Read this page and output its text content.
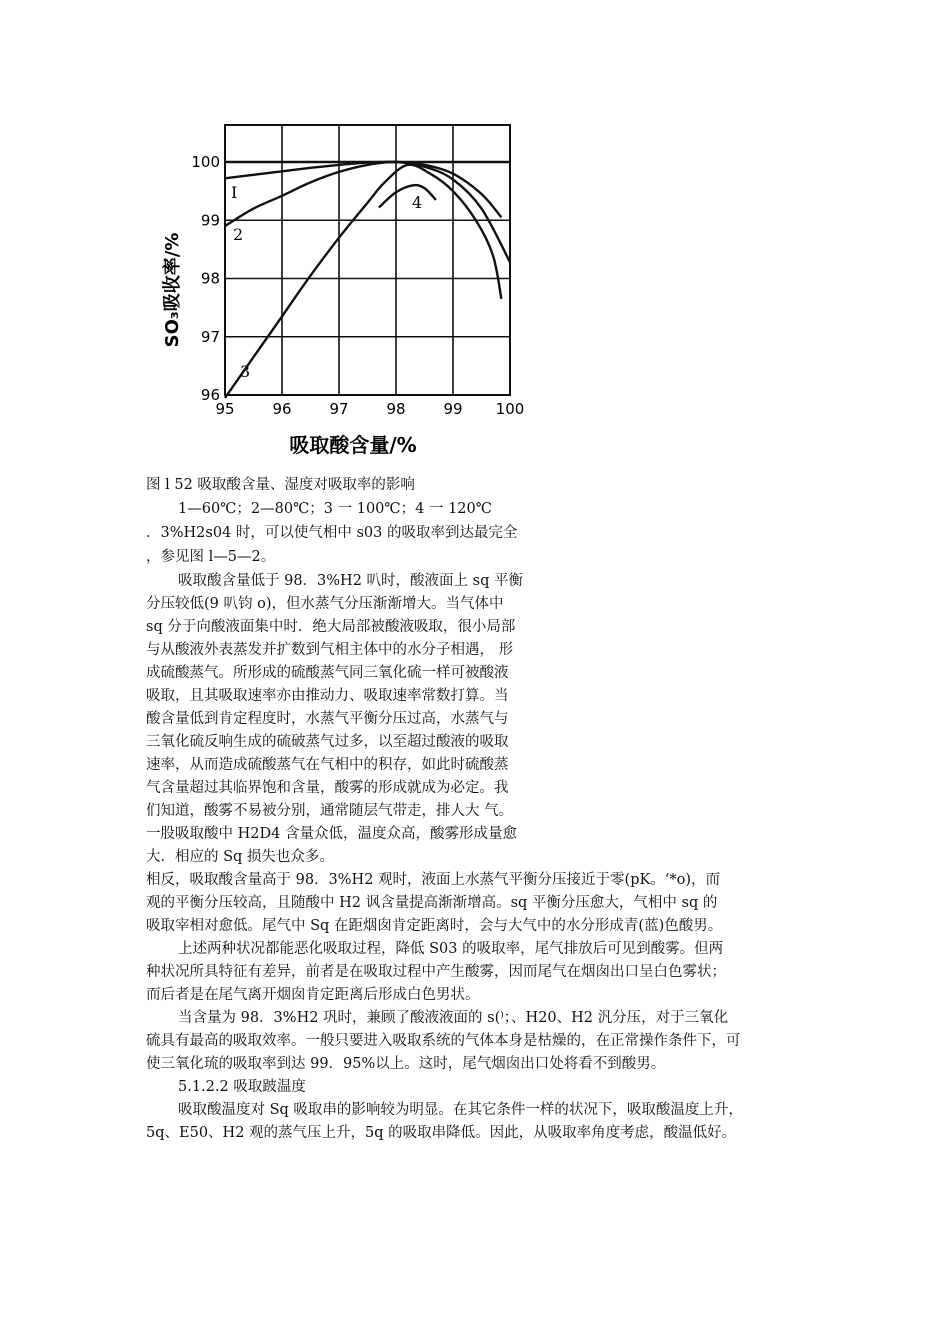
95	96	97	98	99 100
96
97
98
99
100
I
2
3
4
吸取酸含量/%
SO₃吸收率/%
图 l 52 吸取酸含量、湿度对吸取率的影响
1—60℃；2—80℃；3 一 100℃；4 一 120℃
．3%H2s04 时，可以使气相中 s03 的吸取率到达最完全
，参见图 l—5—2。
吸取酸含量低于 98．3%H2 叭时，酸液面上 sq 平衡
分压较低(9 叭钧 o)，但水蒸气分压渐渐增大。当气体中
sq 分于向酸液面集中时．绝大局部被酸液吸取，很小局部
与从酸液外表蒸发并扩数到气相主体中的水分子相遇， 形
成硫酸蒸气。所形成的硫酸蒸气同三氧化硫一样可被酸液
吸取，且其吸取速率亦由推动力、吸取速率常数打算。当
酸含量低到肯定程度时，水蒸气平衡分压过高，水蒸气与
三氧化硫反响生成的硫破蒸气过多，以至超过酸液的吸取
速率，从而造成硫酸蒸气在气相中的积存，如此时硫酸蒸
气含量超过其临界饱和含量，酸雾的形成就成为必定。我
们知道，酸雾不易被分别，通常随层气带走，排人大 气。
一股吸取酸中 H2D4 含量众低，温度众高，酸雾形成量愈
大．相应的 Sq 损失也众多。
相反，吸取酸含量高于 98．3%H2 观时，液面上水蒸气平衡分压接近于零(pK。‘*o)，而
观的平衡分压较高，且随酸中 H2 讽含量提高渐渐增高。sq 平衡分压愈大，气相中 sq 的
吸取宰相对愈低。尾气中 Sq 在距烟囱肯定距离时，会与大气中的水分形成青(蓝)色酸男。
上述两种状况都能恶化吸取过程，降低 S03 的吸取率，尾气排放后可见到酸雾。但两
种状况所具特征有差异，前者是在吸取过程中产生酸雾，因而尾气在烟囱出口呈白色雾状；
而后者是在尾气离开烟囱肯定距离后形成白色男状。
当含量为 98．3%H2 巩时，兼顾了酸液液面的 s(⁾；、H20、H2 汎分压，对于三氧化
硫具有最高的吸取效率。一般只要进入吸取系统的气体本身是枯燥的，在正常操作条件下，可
使三氧化琉的吸取率到达 99．95%以上。这时，尾气烟囱出口处将看不到酸男。
5.1.2.2 吸取跛温度
吸取酸温度对 Sq 吸取串的影响较为明显。在其它条件一样的状况下，吸取酸温度上升，
5q、E50、H2 观的蒸气压上升，5q 的吸取串降低。因此，从吸取率角度考虑，酸温低好。
